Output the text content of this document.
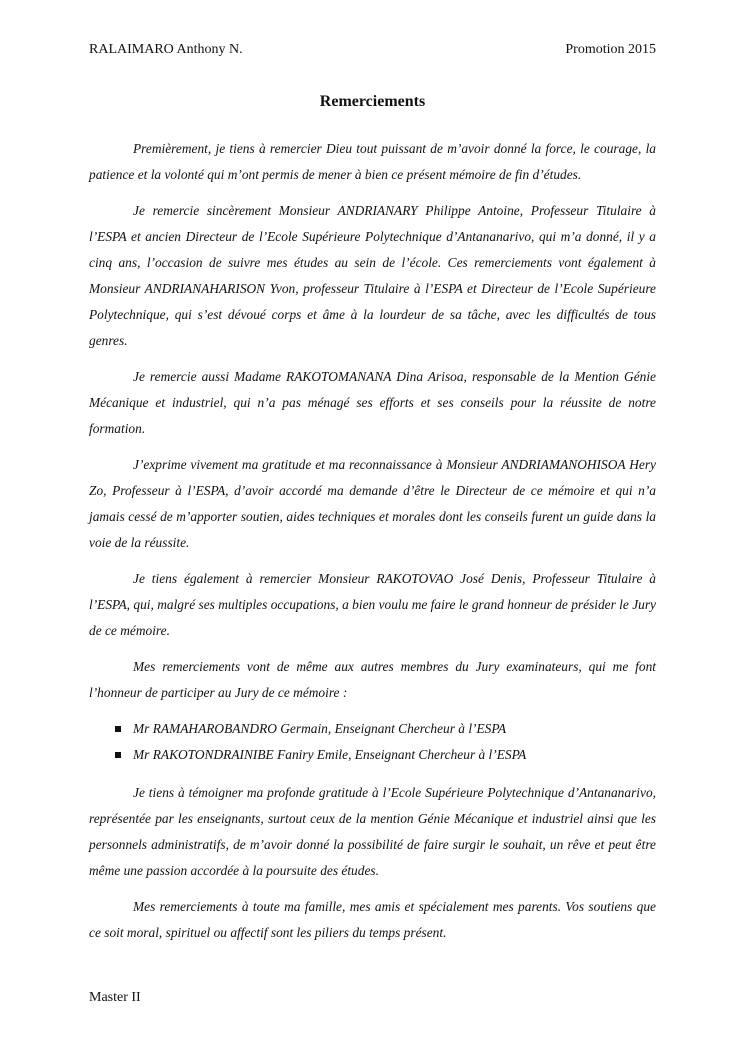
RALAIMARO Anthony N.	Promotion 2015
Remerciements

Premièrement, je tiens à remercier Dieu tout puissant de m’avoir donné la force, le courage, la patience et la volonté qui m’ont permis de mener à bien ce présent mémoire de fin d’études.

Je remercie sincèrement Monsieur ANDRIANARY Philippe Antoine, Professeur Titulaire à l’ESPA et ancien Directeur de l’Ecole Supérieure Polytechnique d’Antananarivo, qui m’a donné, il y a cinq ans, l’occasion de suivre mes études au sein de l’école. Ces remerciements vont également à Monsieur ANDRIANAHARISON Yvon, professeur Titulaire à l’ESPA et Directeur de l’Ecole Supérieure Polytechnique, qui s’est dévoué corps et âme à la lourdeur de sa tâche, avec les difficultés de tous genres.

Je remercie aussi Madame RAKOTOMANANA Dina Arisoa, responsable de la Mention Génie Mécanique et industriel, qui n’a pas ménagé ses efforts et ses conseils pour la réussite de notre formation.

J’exprime vivement ma gratitude et ma reconnaissance à Monsieur ANDRIAMANOHISOA Hery Zo, Professeur à l’ESPA, d’avoir accordé ma demande d’être le Directeur de ce mémoire et qui n’a jamais cessé de m’apporter soutien, aides techniques et morales dont les conseils furent un guide dans la voie de la réussite.

Je tiens également à remercier Monsieur RAKOTOVAO José Denis, Professeur Titulaire à l’ESPA, qui, malgré ses multiples occupations, a bien voulu me faire le grand honneur de présider le Jury de ce mémoire.

Mes remerciements vont de même aux autres membres du Jury examinateurs, qui me font l’honneur de participer au Jury de ce mémoire :

Mr RAMAHAROBANDRO Germain, Enseignant Chercheur à l’ESPA
Mr RAKOTONDRAINIBE Faniry Emile, Enseignant Chercheur à l’ESPA

Je tiens à témoigner ma profonde gratitude à l’Ecole Supérieure Polytechnique d’Antananarivo, représentée par les enseignants, surtout ceux de la mention Génie Mécanique et industriel ainsi que les personnels administratifs, de m’avoir donné la possibilité de faire surgir le souhait, un rêve et peut être même une passion accordée à la poursuite des études.

Mes remerciements à toute ma famille, mes amis et spécialement mes parents. Vos soutiens que ce soit moral, spirituel ou affectif sont les piliers du temps présent.

Master II
